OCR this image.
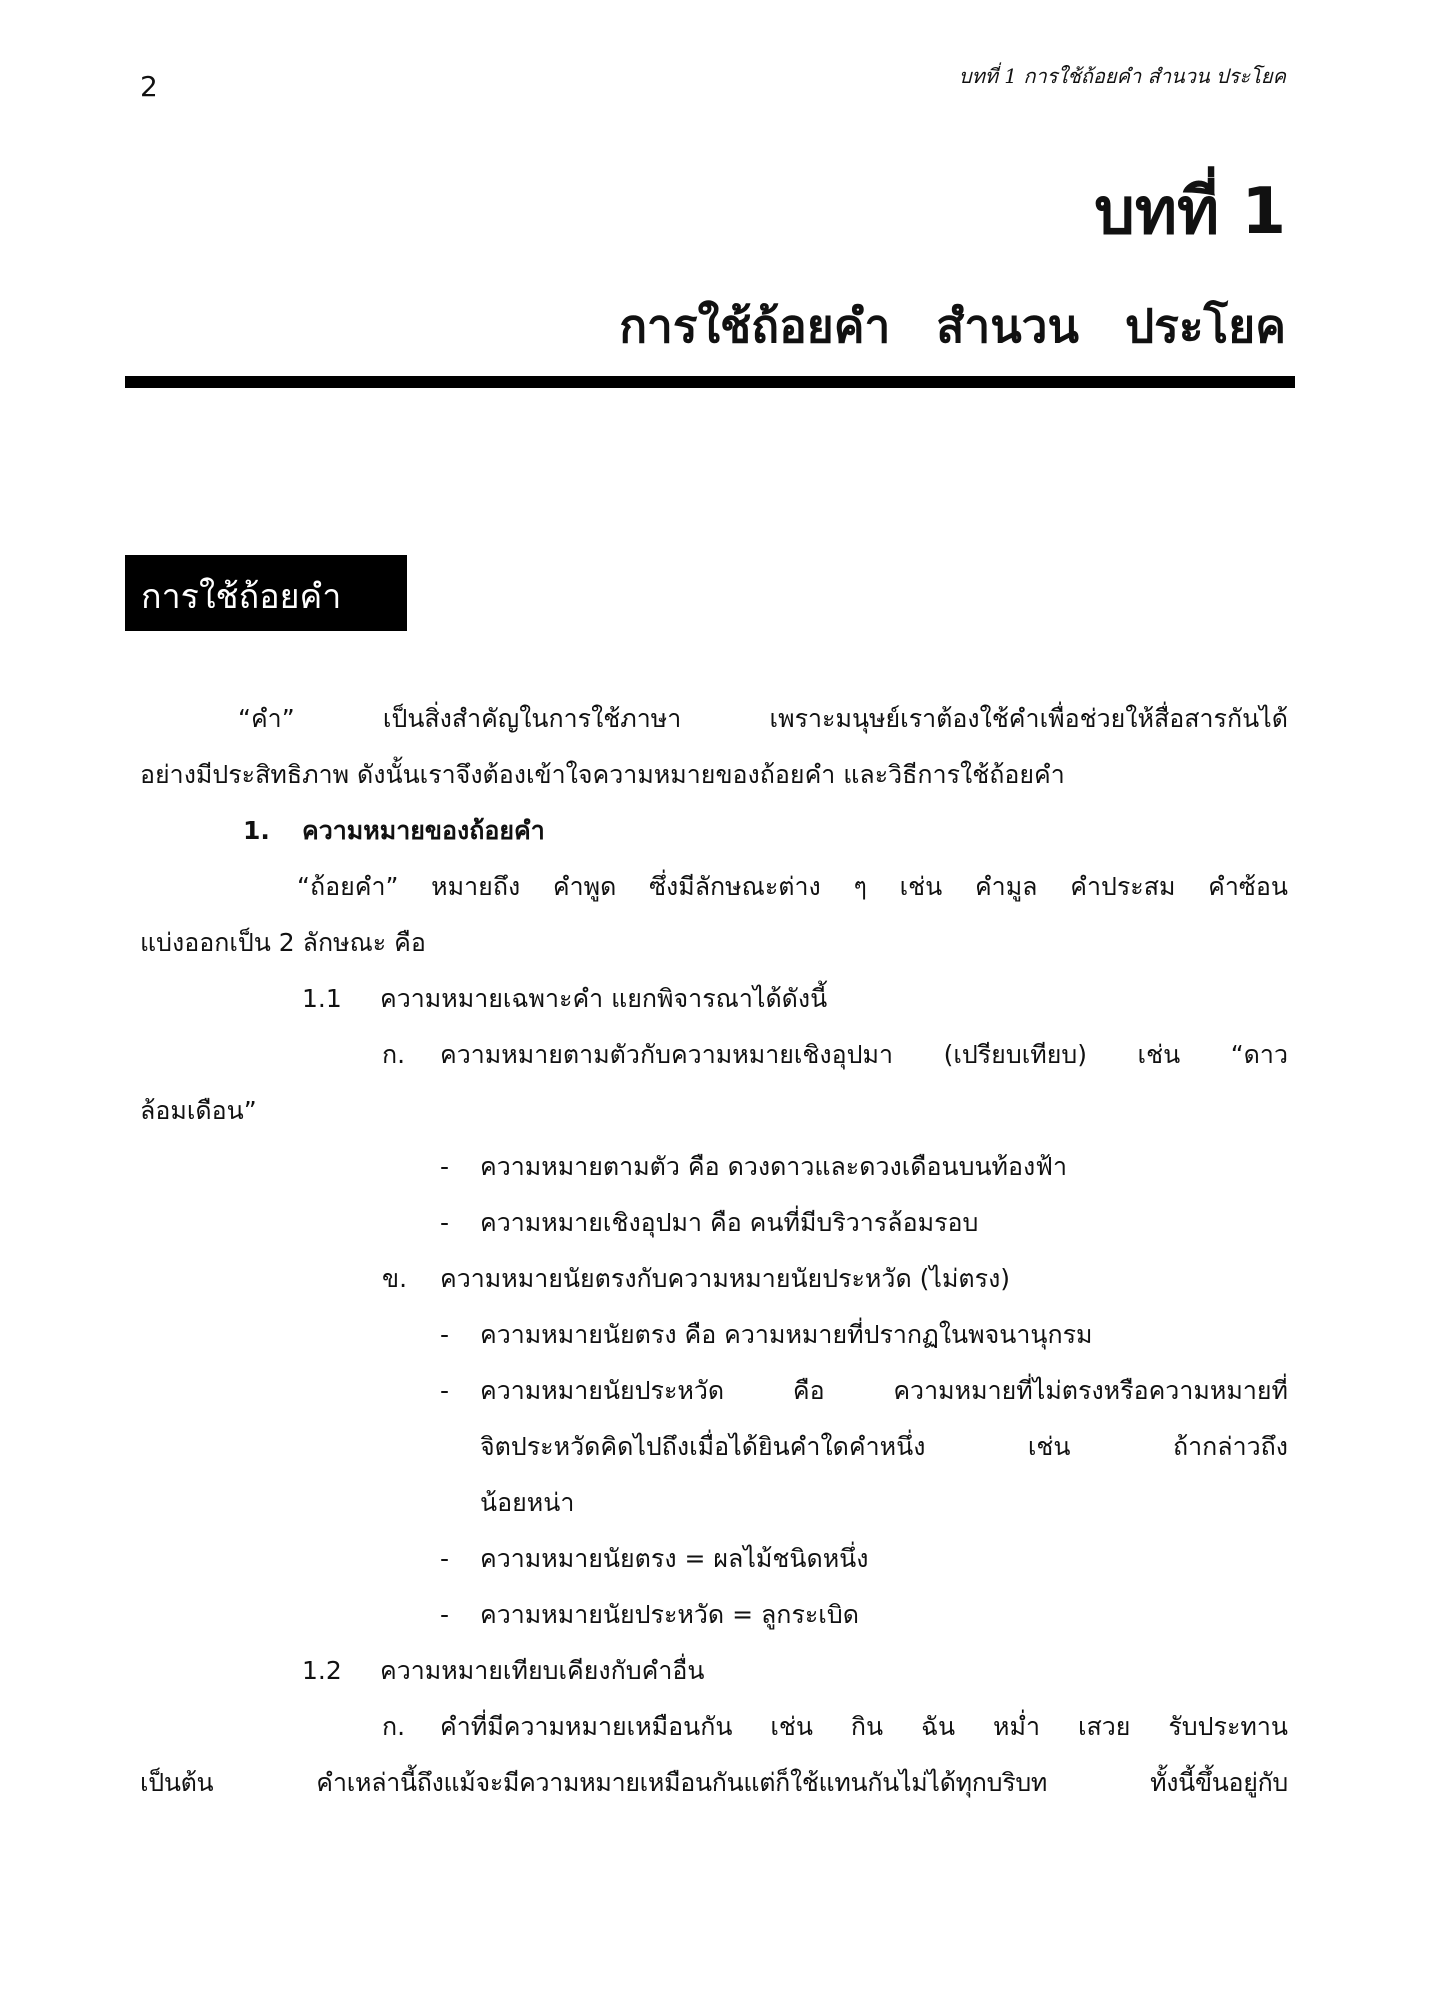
2	บทที่ 1 การใช้ถ้อยคำ สำนวน ประโยค
บทที่ 1
การใช้ถ้อยคำ สำนวน ประโยค
การใช้ถ้อยคำ
“คำ” เป็นสิ่งสำคัญในการใช้ภาษา เพราะมนุษย์เราต้องใช้คำเพื่อช่วยให้สื่อสารกันได้
อย่างมีประสิทธิภาพ ดังนั้นเราจึงต้องเข้าใจความหมายของถ้อยคำ และวิธีการใช้ถ้อยคำ
1. ความหมายของถ้อยคำ
“ถ้อยคำ” หมายถึง คำพูด ซึ่งมีลักษณะต่าง ๆ เช่น คำมูล คำประสม คำซ้อน
แบ่งออกเป็น 2 ลักษณะ คือ
1.1 ความหมายเฉพาะคำ แยกพิจารณาได้ดังนี้
ก. ความหมายตามตัวกับความหมายเชิงอุปมา (เปรียบเทียบ) เช่น “ดาว
ล้อมเดือน”
- ความหมายตามตัว คือ ดวงดาวและดวงเดือนบนท้องฟ้า
- ความหมายเชิงอุปมา คือ คนที่มีบริวารล้อมรอบ
ข. ความหมายนัยตรงกับความหมายนัยประหวัด (ไม่ตรง)
- ความหมายนัยตรง คือ ความหมายที่ปรากฏในพจนานุกรม
- ความหมายนัยประหวัด คือ ความหมายที่ไม่ตรงหรือความหมายที่
จิตประหวัดคิดไปถึงเมื่อได้ยินคำใดคำหนึ่ง เช่น ถ้ากล่าวถึง
น้อยหน่า
- ความหมายนัยตรง = ผลไม้ชนิดหนึ่ง
- ความหมายนัยประหวัด = ลูกระเบิด
1.2 ความหมายเทียบเคียงกับคำอื่น
ก. คำที่มีความหมายเหมือนกัน เช่น กิน ฉัน หม่ำ เสวย รับประทาน
เป็นต้น คำเหล่านี้ถึงแม้จะมีความหมายเหมือนกันแต่ก็ใช้แทนกันไม่ได้ทุกบริบท ทั้งนี้ขึ้นอยู่กับ
